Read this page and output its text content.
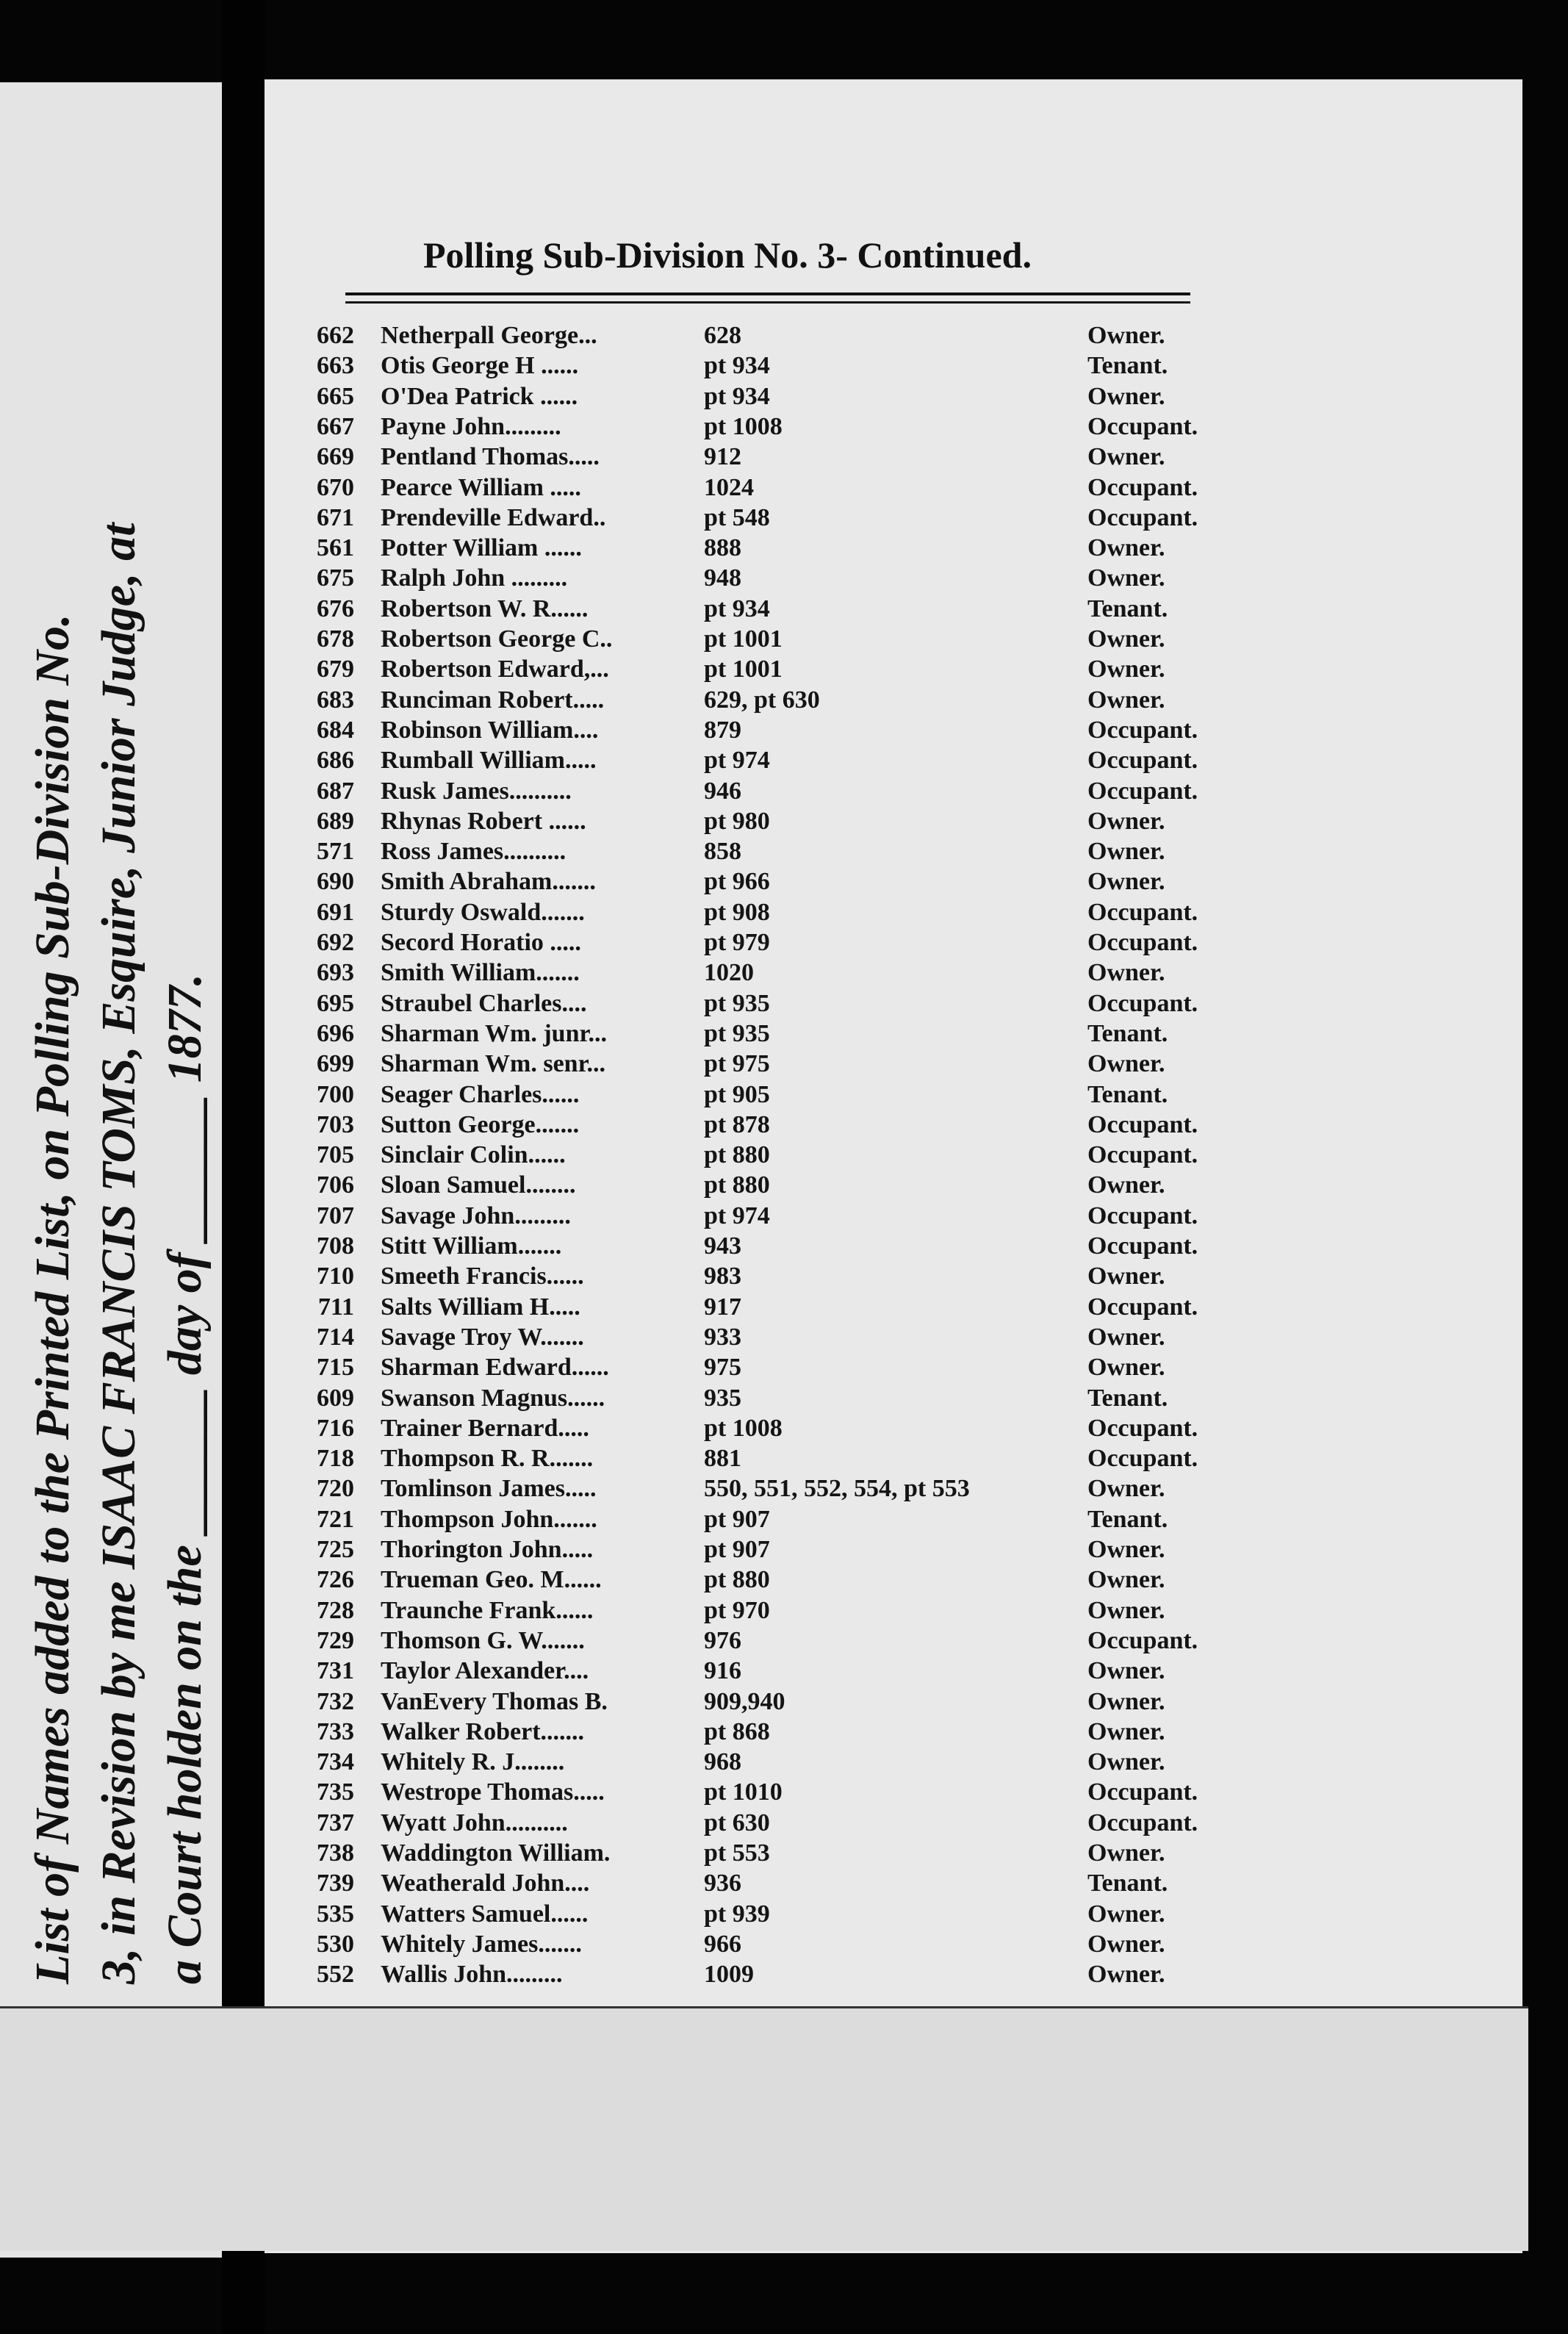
List of Names added to the Printed List, on Polling Sub-Division No. 3, in Revision by me ISAAC FRANCIS TOMS, Esquire, Junior Judge, at a Court holden on the ______ day of ______ 1877.
Polling Sub-Division No. 3- Continued.
662 Netherpall George...	628	Owner.
663 Otis George H ......	pt 934	Tenant.
665 O'Dea Patrick ......	pt 934	Owner.
667 Payne John.........	pt 1008	Occupant.
669 Pentland Thomas.....	912	Owner.
670 Pearce William .....	1024	Occupant.
671 Prendeville Edward..	pt 548	Occupant.
561 Potter William ......	888	Owner.
675 Ralph John .........	948	Owner.
676 Robertson W. R......	pt 934	Tenant.
678 Robertson George C..	pt 1001	Owner.
679 Robertson Edward,...	pt 1001	Owner.
683 Runciman Robert.....	629, pt 630	Owner.
684 Robinson William....	879	Occupant.
686 Rumball William.....	pt 974	Occupant.
687 Rusk James..........	946	Occupant.
689 Rhynas Robert ......	pt 980	Owner.
571 Ross James..........	858	Owner.
690 Smith Abraham.......	pt 966	Owner.
691 Sturdy Oswald.......	pt 908	Occupant.
692 Secord Horatio .....	pt 979	Occupant.
693 Smith William.......	1020	Owner.
695 Straubel Charles....	pt 935	Occupant.
696 Sharman Wm. junr...	pt 935	Tenant.
699 Sharman Wm. senr...	pt 975	Owner.
700 Seager Charles......	pt 905	Tenant.
703 Sutton George.......	pt 878	Occupant.
705 Sinclair Colin......	pt 880	Occupant.
706 Sloan Samuel........	pt 880	Owner.
707 Savage John.........	pt 974	Occupant.
708 Stitt William.......	943	Occupant.
710 Smeeth Francis......	983	Owner.
711 Salts William H.....	917	Occupant.
714 Savage Troy W.......	933	Owner.
715 Sharman Edward......	975	Owner.
609 Swanson Magnus......	935	Tenant.
716 Trainer Bernard.....	pt 1008	Occupant.
718 Thompson R. R.......	881	Occupant.
720 Tomlinson James.....	550, 551, 552, 554, pt 553	Owner.
721 Thompson John.......	pt 907	Tenant.
725 Thorington John.....	pt 907	Owner.
726 Trueman Geo. M......	pt 880	Owner.
728 Traunche Frank......	pt 970	Owner.
729 Thomson G. W.......	976	Occupant.
731 Taylor Alexander....	916	Owner.
732 VanEvery Thomas B.	909,940	Owner.
733 Walker Robert.......	pt 868	Owner.
734 Whitely R. J........	968	Owner.
735 Westrope Thomas.....	pt 1010	Occupant.
737 Wyatt John..........	pt 630	Occupant.
738 Waddington William.	pt 553	Owner.
739 Weatherald John....	936	Tenant.
535 Watters Samuel......	pt 939	Owner.
530 Whitely James.......	966	Owner.
552 Wallis John.........	1009	Owner.
